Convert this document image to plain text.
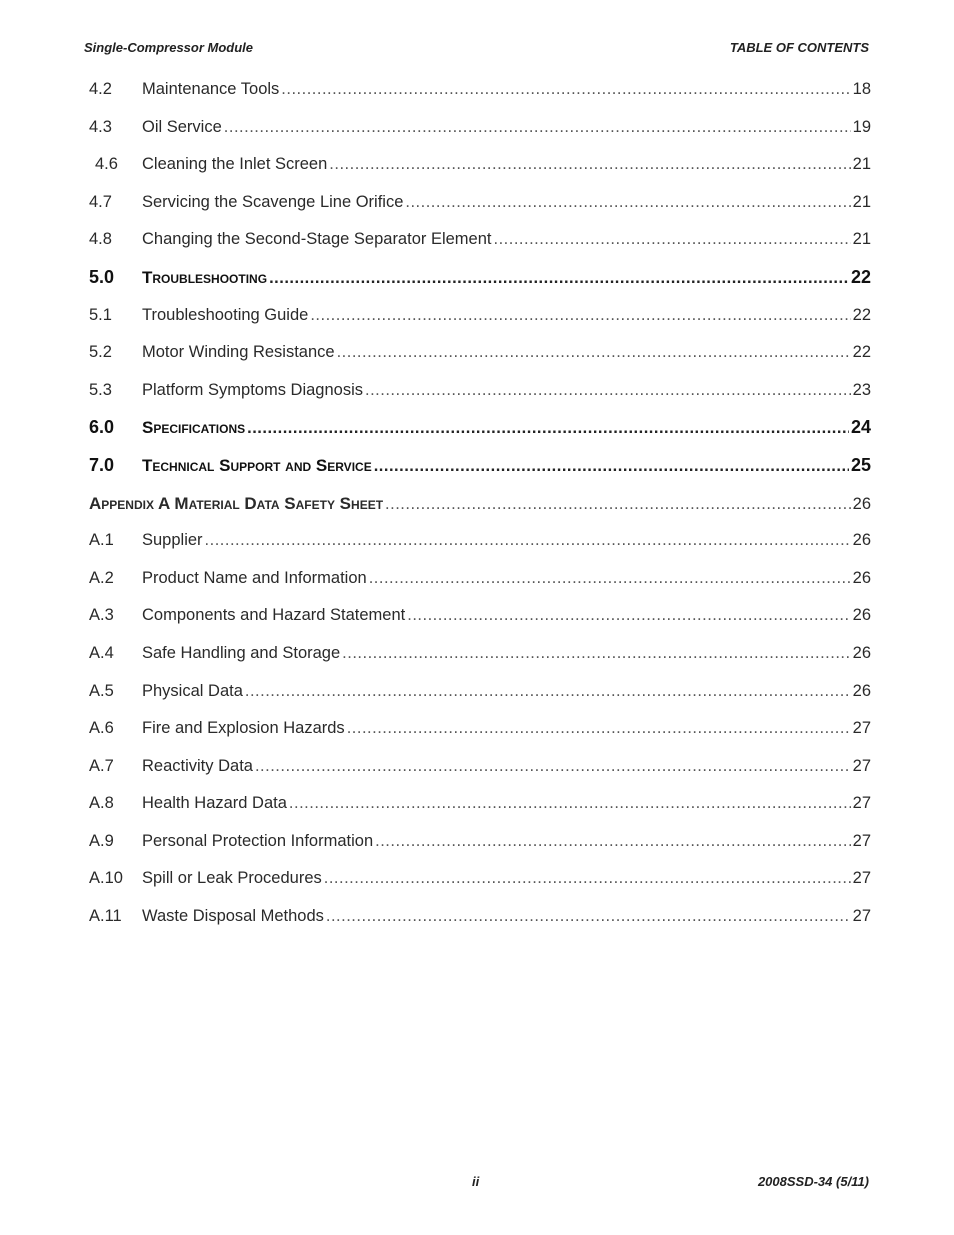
Single-Compressor Module	TABLE OF CONTENTS
4.2	Maintenance Tools .....	18
4.3	Oil Service .....	19
4.6	Cleaning the Inlet Screen .....	21
4.7	Servicing the Scavenge Line Orifice .....	21
4.8	Changing the Second-Stage Separator Element .....	21
5.0	Troubleshooting .....	22
5.1	Troubleshooting Guide .....	22
5.2	Motor Winding Resistance .....	22
5.3	Platform Symptoms Diagnosis .....	23
6.0	Specifications .....	24
7.0	Technical Support and Service .....	25
Appendix A Material Data Safety Sheet .....	26
A.1	Supplier .....	26
A.2	Product Name and Information .....	26
A.3	Components and Hazard Statement .....	26
A.4	Safe Handling and Storage .....	26
A.5	Physical Data .....	26
A.6	Fire and Explosion Hazards .....	27
A.7	Reactivity Data .....	27
A.8	Health Hazard Data .....	27
A.9	Personal Protection Information .....	27
A.10	Spill or Leak Procedures .....	27
A.11	Waste Disposal Methods .....	27
ii	2008SSD-34 (5/11)
